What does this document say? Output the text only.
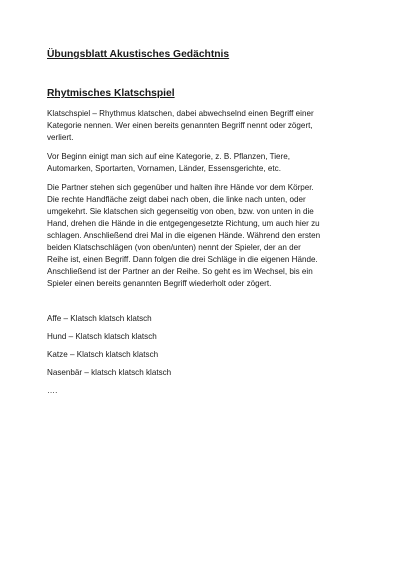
Übungsblatt Akustisches Gedächtnis
Rhytmisches Klatschspiel
Klatschspiel – Rhythmus klatschen, dabei abwechselnd einen Begriff einer
Kategorie nennen. Wer einen bereits genannten Begriff nennt oder zögert,
verliert.
Vor Beginn einigt man sich auf eine Kategorie, z. B. Pflanzen, Tiere,
Automarken, Sportarten, Vornamen, Länder, Essensgerichte, etc.
Die Partner stehen sich gegenüber und halten ihre Hände vor dem Körper.
Die rechte Handfläche zeigt dabei nach oben, die linke nach unten, oder
umgekehrt. Sie klatschen sich gegenseitig von oben, bzw. von unten in die
Hand, drehen die Hände in die entgegengesetzte Richtung, um auch hier zu
schlagen. Anschließend drei Mal in die eigenen Hände. Während den ersten
beiden Klatschschlägen (von oben/unten) nennt der Spieler, der an der
Reihe ist, einen Begriff. Dann folgen die drei Schläge in die eigenen Hände.
Anschließend ist der Partner an der Reihe. So geht es im Wechsel, bis ein
Spieler einen bereits genannten Begriff wiederholt oder zögert.
Affe – Klatsch klatsch klatsch
Hund – Klatsch klatsch klatsch
Katze – Klatsch klatsch klatsch
Nasenbär – klatsch klatsch klatsch
….
